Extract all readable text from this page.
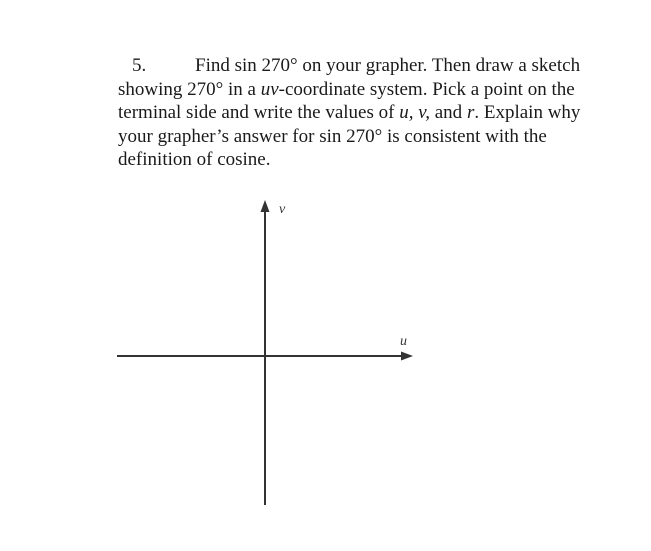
5.	Find sin 270° on your grapher. Then draw a sketch
showing 270° in a uv-coordinate system. Pick a point on the
terminal side and write the values of u, v, and r. Explain why
your grapher’s answer for sin 270° is consistent with the
definition of cosine.

v
u
